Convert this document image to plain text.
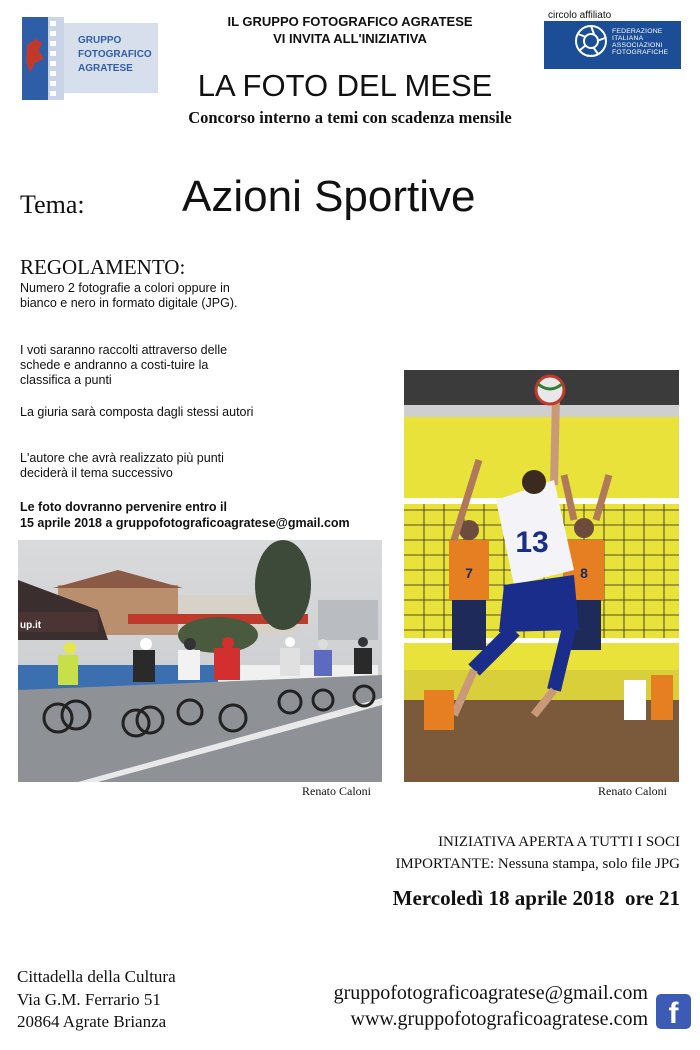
GRUPPO
FOTOGRAFICO
AGRATESE
IL GRUPPO FOTOGRAFICO AGRATESE
VI INVITA ALL'INIZIATIVA
circolo affiliato
FIAF
FEDERAZIONE
ITALIANA
ASSOCIAZIONI
FOTOGRAFICHE
LA FOTO DEL MESE
Concorso interno a temi con scadenza mensile
Tema: Azioni Sportive
REGOLAMENTO:
Numero 2 fotografie a colori oppure in bianco e nero in formato digitale (JPG).
I voti saranno raccolti attraverso delle schede e andranno a costi-tuire la classifica a punti
La giuria sarà composta dagli stessi autori
L'autore che avrà realizzato più punti deciderà il tema successivo
Le foto dovranno pervenire entro il
15 aprile 2018 a gruppofotograficoagratese@gmail.com
up.it
Renato Caloni
7	8
13
Renato Caloni
INIZIATIVA APERTA A TUTTI I SOCI
IMPORTANTE: Nessuna stampa, solo file JPG
Mercoledì 18 aprile 2018  ore 21
Cittadella della Cultura
Via G.M. Ferrario 51
20864 Agrate Brianza
gruppofotograficoagratese@gmail.com
www.gruppofotograficoagratese.com f
